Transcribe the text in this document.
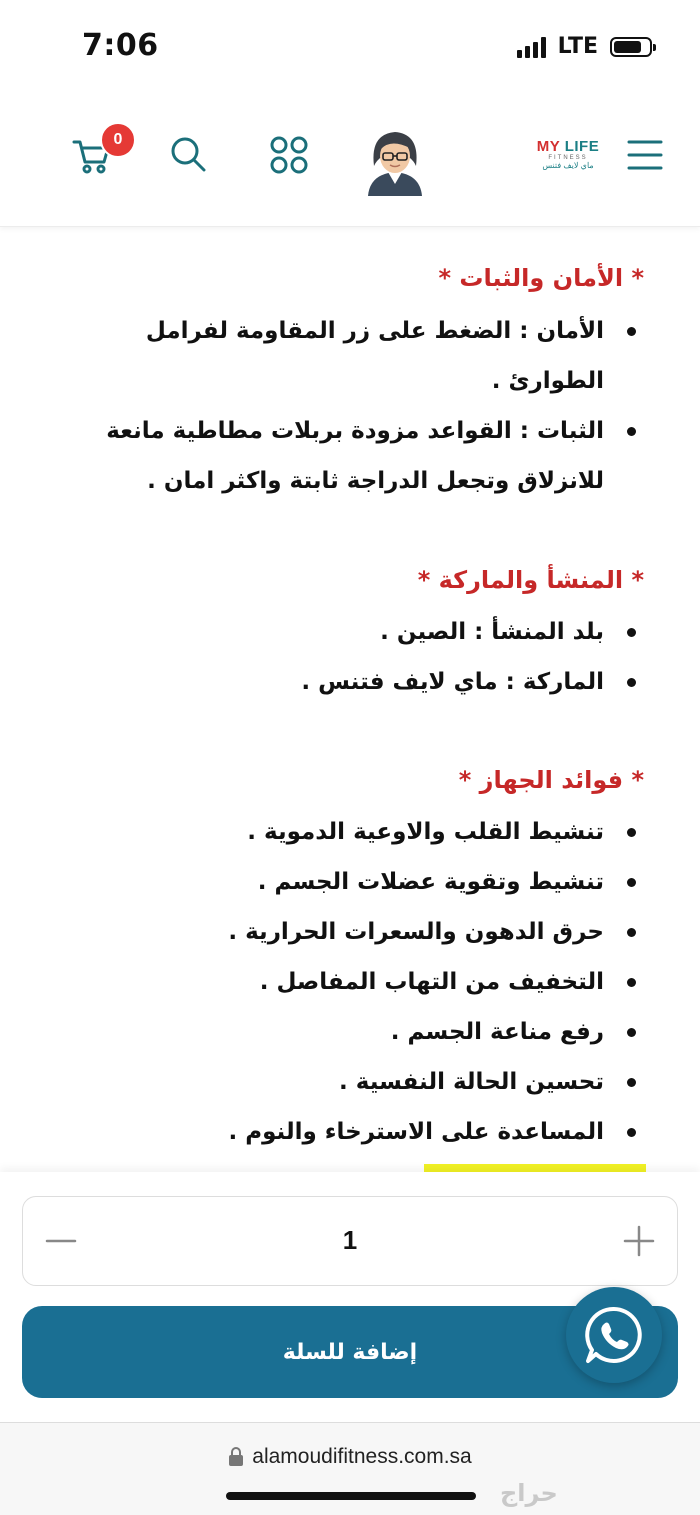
7:06	LTE
0	MY LIFE
FITNESS
ماي لايف فتنس
* الأمان والثبات *
الأمان : الضغط على زر المقاومة لفرامل الطوارئ .
الثبات : القواعد مزودة بربلات مطاطية مانعة للانزلاق وتجعل الدراجة ثابتة واكثر امان .
* المنشأ والماركة *
بلد المنشأ : الصين .
الماركة : ماي لايف فتنس .
* فوائد الجهاز *
تنشيط القلب والاوعية الدموية .
تنشيط وتقوية عضلات الجسم .
حرق الدهون والسعرات الحرارية .
التخفيف من التهاب المفاصل .
رفع مناعة الجسم .
تحسين الحالة النفسية .
المساعدة على الاسترخاء والنوم .
1
إضافة للسلة
alamoudifitness.com.sa
حراج
